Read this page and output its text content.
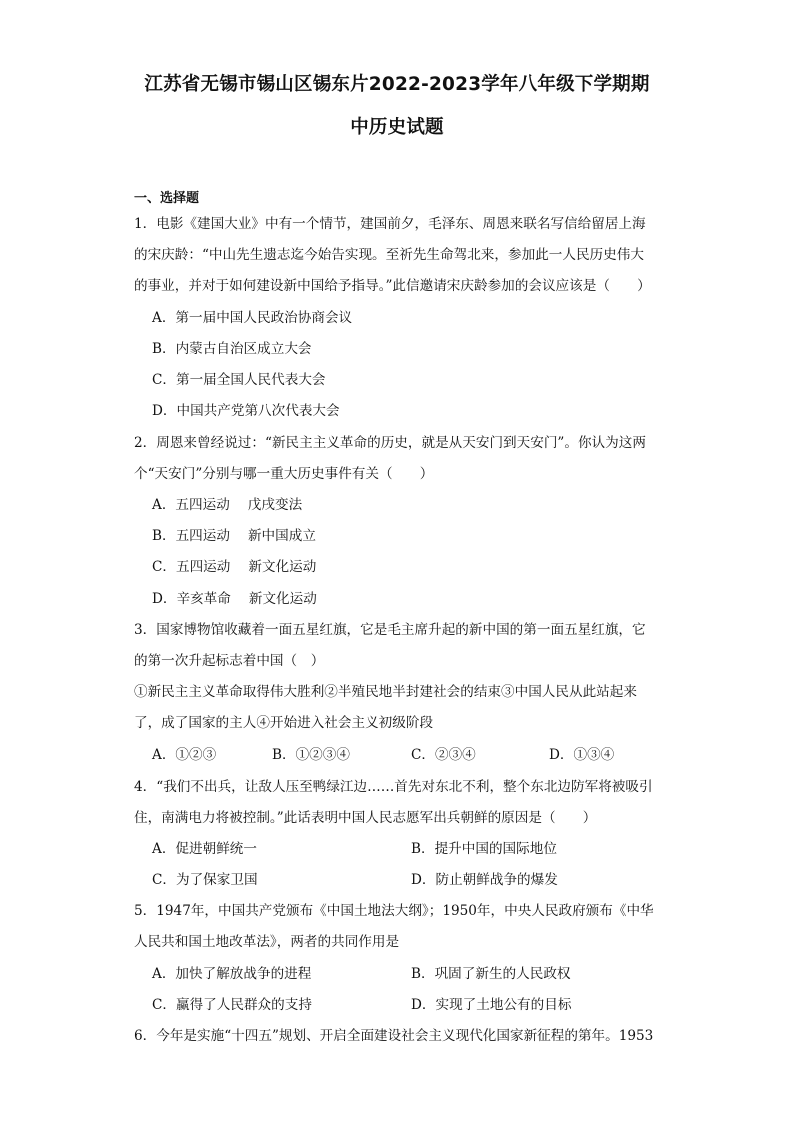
江苏省无锡市锡山区锡东片2022-2023学年八年级下学期期
中历史试题
一、选择题
1．电影《建国大业》中有一个情节，建国前夕，毛泽东、周恩来联名写信给留居上海
的宋庆龄：“中山先生遗志迄今始告实现。至祈先生命驾北来，参加此一人民历史伟大
的事业，并对于如何建设新中国给予指导。”此信邀请宋庆龄参加的会议应该是（　　）
A．第一届中国人民政治协商会议
B．内蒙古自治区成立大会
C．第一届全国人民代表大会
D．中国共产党第八次代表大会
2．周恩来曾经说过：“新民主主义革命的历史，就是从天安门到天安门”。你认为这两
个“天安门”分别与哪一重大历史事件有关（　　）
A．五四运动 戊戌变法
B．五四运动 新中国成立
C．五四运动 新文化运动
D．辛亥革命 新文化运动
3．国家博物馆收藏着一面五星红旗，它是毛主席升起的新中国的第一面五星红旗，它
的第一次升起标志着中国（　）
①新民主主义革命取得伟大胜利②半殖民地半封建社会的结束③中国人民从此站起来
了，成了国家的主人④开始进入社会主义初级阶段
A．①②③	B．①②③④	C．②③④	D．①③④
4．“我们不出兵，让敌人压至鸭绿江边……首先对东北不利，整个东北边防军将被吸引
住，南满电力将被控制。”此话表明中国人民志愿军出兵朝鲜的原因是（　　）
A．促进朝鲜统一	B．提升中国的国际地位
C．为了保家卫国	D．防止朝鲜战争的爆发
5．1947年，中国共产党颁布《中国土地法大纲》；1950年，中央人民政府颁布《中华
人民共和国土地改革法》，两者的共同作用是
A．加快了解放战争的进程	B．巩固了新生的人民政权
C．赢得了人民群众的支持	D．实现了土地公有的目标
6．今年是实施“十四五”规划、开启全面建设社会主义现代化国家新征程的第年。1953
